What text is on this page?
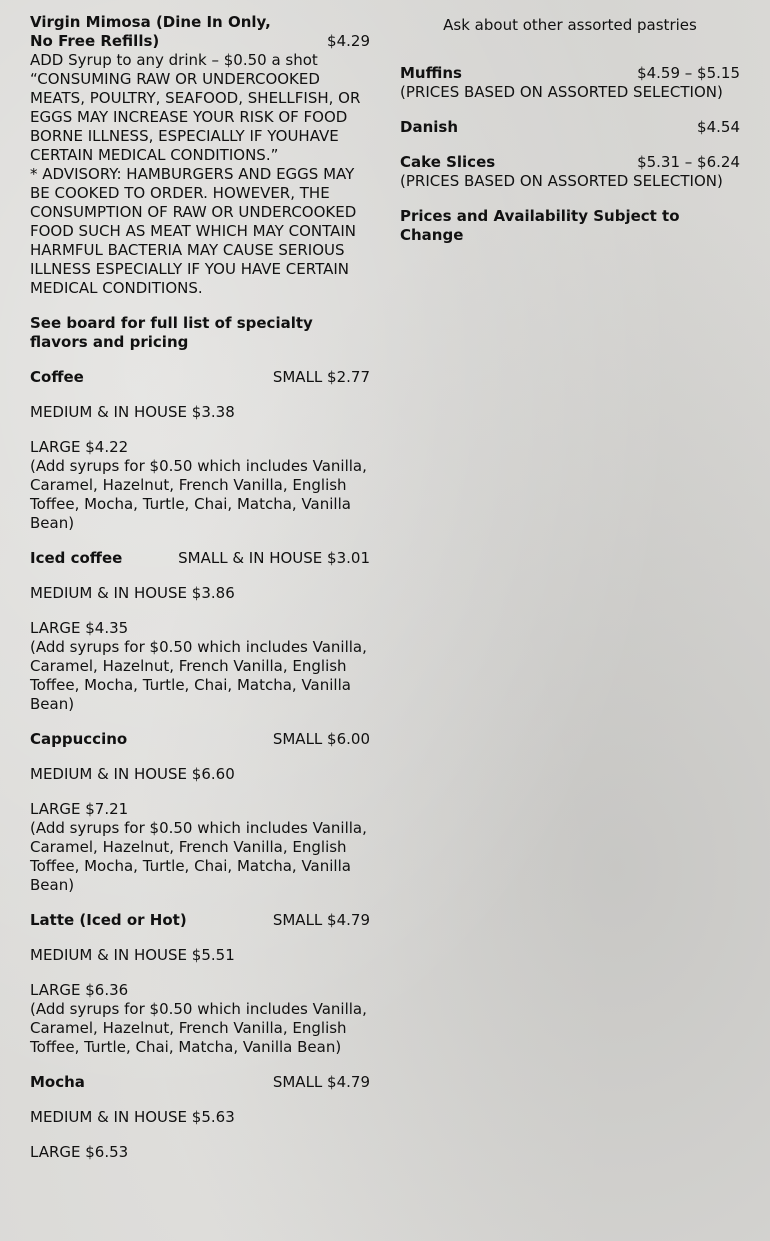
Virgin Mimosa (Dine In Only, No Free Refills)	$4.29
ADD Syrup to any drink – $0.50 a shot
“CONSUMING RAW OR UNDERCOOKED MEATS, POULTRY, SEAFOOD, SHELLFISH, OR EGGS MAY INCREASE YOUR RISK OF FOOD BORNE ILLNESS, ESPECIALLY IF YOUHAVE CERTAIN MEDICAL CONDITIONS.”
* ADVISORY: HAMBURGERS AND EGGS MAY BE COOKED TO ORDER. HOWEVER, THE CONSUMPTION OF RAW OR UNDERCOOKED FOOD SUCH AS MEAT WHICH MAY CONTAIN HARMFUL BACTERIA MAY CAUSE SERIOUS ILLNESS ESPECIALLY IF YOU HAVE CERTAIN MEDICAL CONDITIONS.
See board for full list of specialty flavors and pricing
Coffee	SMALL $2.77
MEDIUM & IN HOUSE $3.38
LARGE $4.22
(Add syrups for $0.50 which includes Vanilla, Caramel, Hazelnut, French Vanilla, English Toffee, Mocha, Turtle, Chai, Matcha, Vanilla Bean)
Iced coffee	SMALL & IN HOUSE $3.01
MEDIUM & IN HOUSE $3.86
LARGE $4.35
(Add syrups for $0.50 which includes Vanilla, Caramel, Hazelnut, French Vanilla, English Toffee, Mocha, Turtle, Chai, Matcha, Vanilla Bean)
Cappuccino	SMALL $6.00
MEDIUM & IN HOUSE $6.60
LARGE $7.21
(Add syrups for $0.50 which includes Vanilla, Caramel, Hazelnut, French Vanilla, English Toffee, Mocha, Turtle, Chai, Matcha, Vanilla Bean)
Latte (Iced or Hot)	SMALL $4.79
MEDIUM & IN HOUSE $5.51
LARGE $6.36
(Add syrups for $0.50 which includes Vanilla, Caramel, Hazelnut, French Vanilla, English Toffee, Turtle, Chai, Matcha, Vanilla Bean)
Mocha	SMALL $4.79
MEDIUM & IN HOUSE $5.63
LARGE $6.53
Ask about other assorted pastries
Muffins	$4.59 – $5.15
(PRICES BASED ON ASSORTED SELECTION)
Danish	$4.54
Cake Slices	$5.31 – $6.24
(PRICES BASED ON ASSORTED SELECTION)
Prices and Availability Subject to Change
